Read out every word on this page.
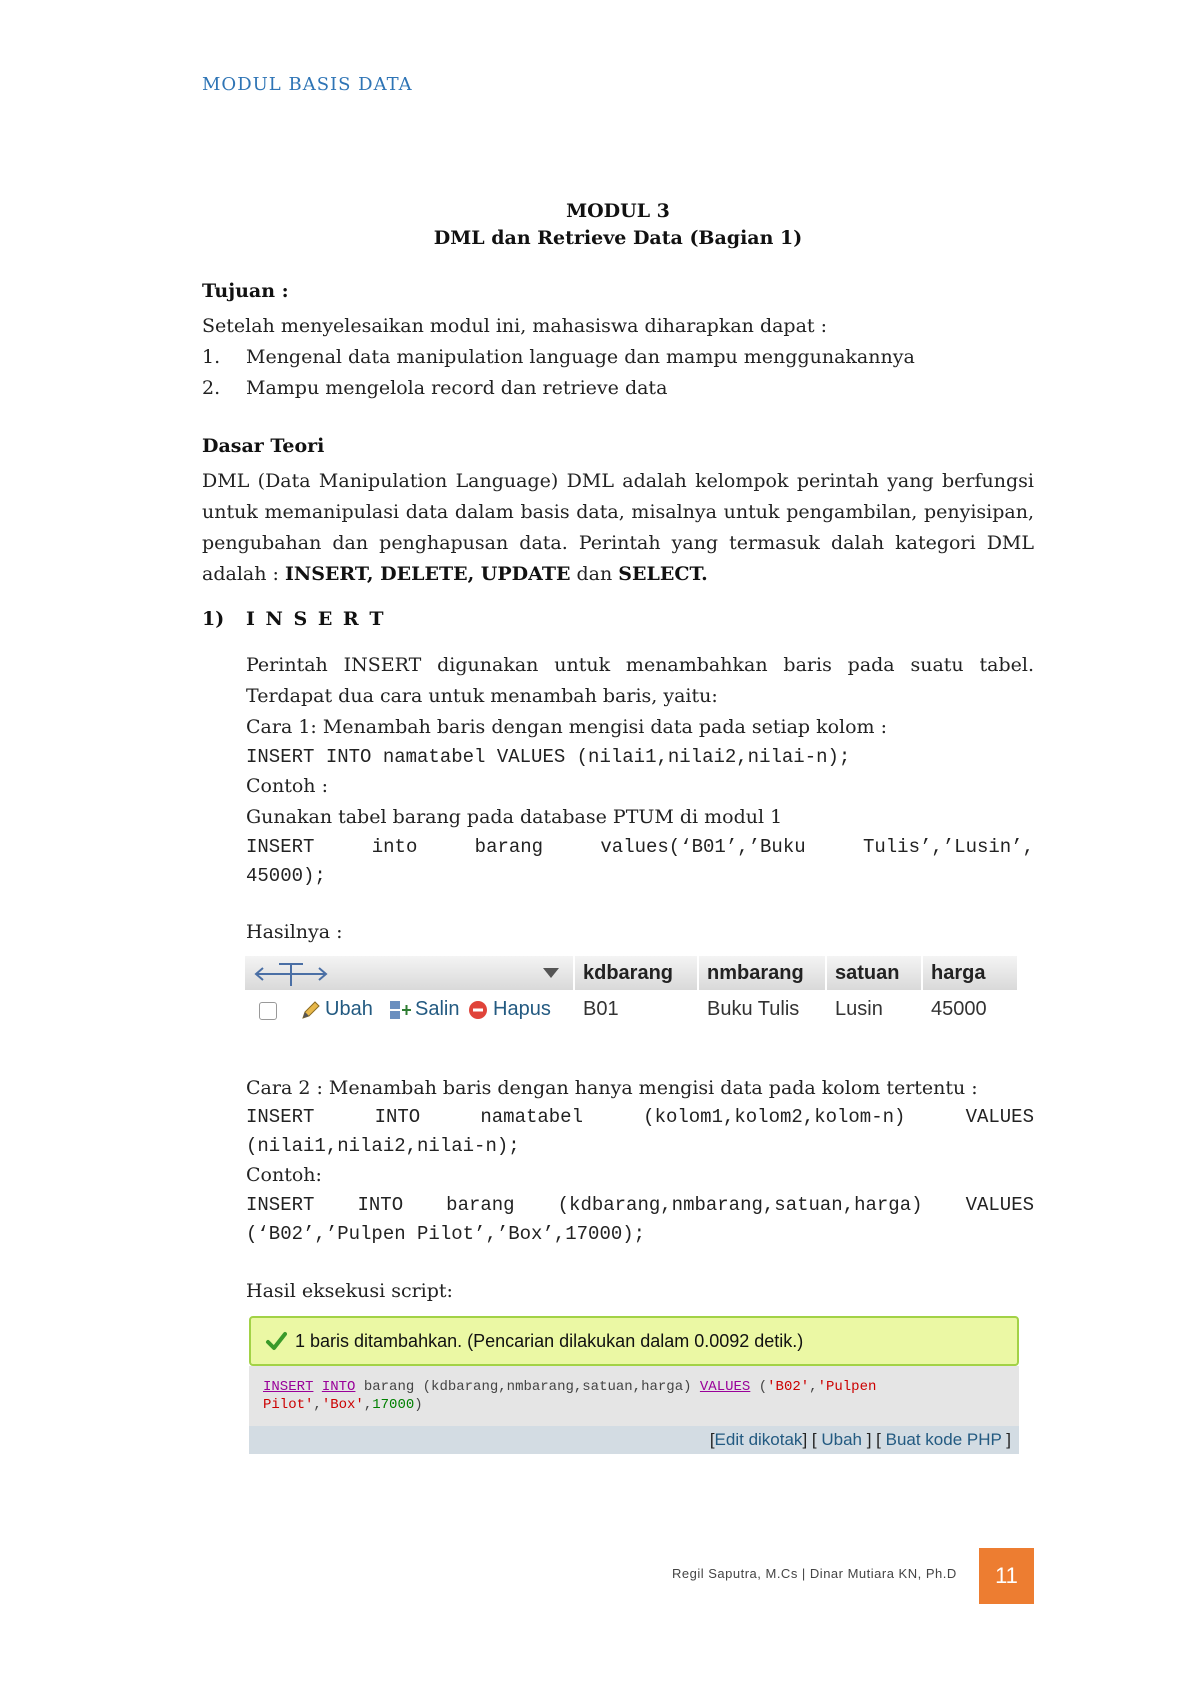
MODUL BASIS DATA
MODUL 3
DML dan Retrieve Data (Bagian 1)
Tujuan :
Setelah menyelesaikan modul ini, mahasiswa diharapkan dapat :
1. Mengenal data manipulation language dan mampu menggunakannya
2. Mampu mengelola record dan retrieve data
Dasar Teori
DML (Data Manipulation Language) DML adalah kelompok perintah yang berfungsi untuk memanipulasi data dalam basis data, misalnya untuk pengambilan, penyisipan, pengubahan dan penghapusan data. Perintah yang termasuk dalah kategori DML adalah : INSERT, DELETE, UPDATE dan SELECT.
1) I N S E R T
Perintah INSERT digunakan untuk menambahkan baris pada suatu tabel. Terdapat dua cara untuk menambah baris, yaitu:
Cara 1: Menambah baris dengan mengisi data pada setiap kolom :
INSERT INTO namatabel VALUES (nilai1,nilai2,nilai-n);
Contoh :
Gunakan tabel barang pada database PTUM di modul 1
INSERT into barang values(‘B01’,’Buku Tulis’,’Lusin’,
45000);
Hasilnya :
kdbarang nmbarang satuan harga
Ubah Salin Hapus B01	Buku Tulis Lusin 45000
Cara 2 : Menambah baris dengan hanya mengisi data pada kolom tertentu :
INSERT INTO namatabel (kolom1,kolom2,kolom-n) VALUES
(nilai1,nilai2,nilai-n);
Contoh:
INSERT INTO barang (kdbarang,nmbarang,satuan,harga) VALUES
(‘B02’,’Pulpen Pilot’,’Box’,17000);
Hasil eksekusi script:
1 baris ditambahkan. (Pencarian dilakukan dalam 0.0092 detik.)
INSERT INTO barang (kdbarang,nmbarang,satuan,harga) VALUES ('B02','Pulpen
Pilot','Box',17000)
[Edit dikotak] [ Ubah ] [ Buat kode PHP ]
Regil Saputra, M.Cs | Dinar Mutiara KN, Ph.D	11
